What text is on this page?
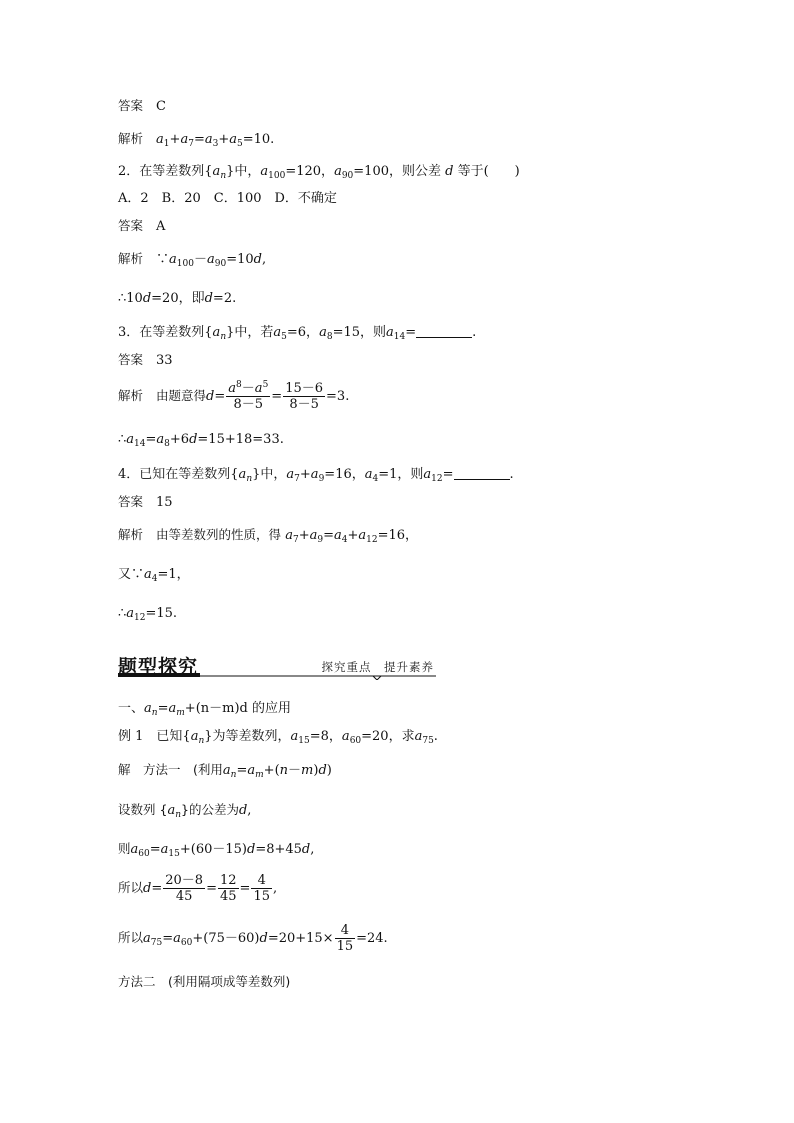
答案　 C
解析　 $a_1+a_7=a_3+a_5=10$.
2．在等差数列$\{a_n\}$中，$a_{100}=120$，$a_{90}=100$，则公差 d 等于(　　)
A．2　B．20　C．100　D．不确定
答案　 A
解析　$\because a_{100}-a_{90}=10d$,
∴10d=20，即d=2.
3．在等差数列$\{a_n\}$中，若$a_5=6$，$a_8=15$，则$a_{14}=$	.
答案　 33
解析　 由题意得$d= \frac{a^8-a^5}{8-5} = \frac{15-6}{8-5} =3$.
$\therefore a_{14}=a_8+6d=15+18=33$.
4．已知在等差数列$\{a_n\}$中，$a_7+a_9=16$，$a_4=1$，则$a_{12}=$	.
答案　 15
解析　 由等差数列的性质，得 $a_7+a_9=a_4+a_{12}=16$，
又$\because a_4=1$，
$\therefore a_{12}=15$.
题型探究	探究重点　提升素养
一、$a_n=a_m+(n-m)d$ 的应用
例 1　已知$\{a_n\}$为等差数列，$a_{15}=8$，$a_{60}=20$，求$a_{75}$.
解　方法一　(利用$a_n=a_m+(n-m)d$)
设数列 $\{a_n\}$的公差为d,
则$a_{60}=a_{15}+(60-15)d=8+45d$,
所以$d= \frac{20-8}{45} = \frac{12}{45} = \frac{4}{15}$ ,
所以$a_{75}=a_{60}+(75-60)d=20+15\times \frac{4}{15} =24$.
方法二　(利用隔项成等差数列)
